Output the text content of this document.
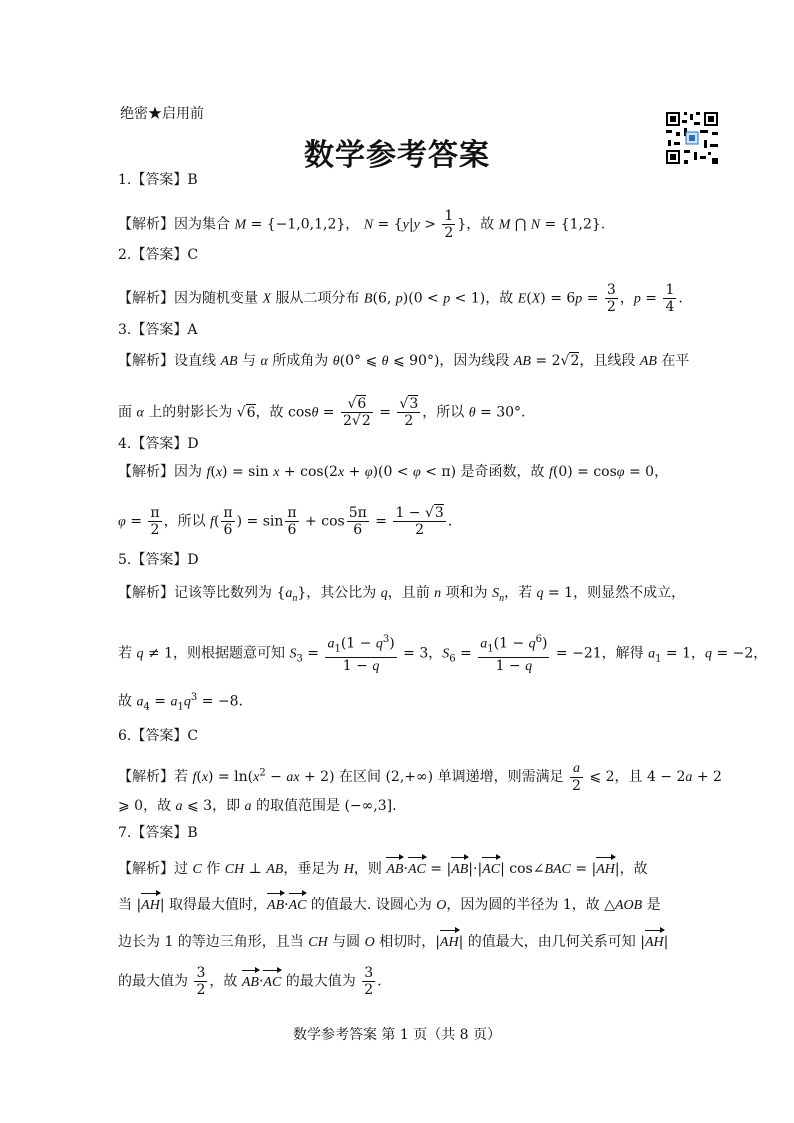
绝密★启用前
数学参考答案
1.【答案】B
【解析】因为集合 M = {−1,0,1,2}， $N = \{y|y > \frac{1}{2}$ }，故 M ⋂ N = {1,2}.
2.【答案】C
【解析】因为随机变量 X 服从二项分布 B(6, p)(0 < p < 1)，故 $E(X) = 6p = \frac{3}{2}$ ，$p = \frac{1}{4}$ .
3.【答案】A
【解析】设直线 AB 与 α 所成角为 θ(0° ⩽ θ ⩽ 90°)，因为线段 AB = 2√2，且线段 AB 在平
面 α 上的射影长为 √6，故 $\cos\theta = \frac{√6}{2√2} = \frac{√3}{2}$ ，所以 θ = 30°.
4.【答案】D
【解析】因为 f(x) = sin x + cos(2x + φ)(0 < φ < π) 是奇函数，故 f(0) = cosφ = 0，
$\varphi = \frac{\pi}{2}$ ，所以 $f( \frac{\pi}{6}$ ) = $\sin \frac{\pi}{6} + \cos \frac{5\pi}{6} = \frac{1 - √3}{2}$ .
5.【答案】D
【解析】记该等比数列为 $\{a_n\}$，其公比为 q，且前 n 项和为 $S_n$，若 q = 1，则显然不成立，
若 q ≠ 1，则根据题意可知 $S_3 = \frac{a_1(1 - q^3)}{1 - q} = 3$，$S_6 = \frac{a_1(1 - q^6)}{1 - q} = -21$，解得 $a_1 = 1$，q = −2，
故 $a_4 = a_1q^3 = -8$.
6.【答案】C
【解析】若 $f(x) = \ln(x^2$ − ax + 2) 在区间 (2,+∞) 单调递增，则需满足 $\frac{a}{2}$ ⩽ 2，且 4 − 2a + 2
⩾ 0，故 a ⩽ 3，即 a 的取值范围是 (−∞,3].
7.【答案】B
【解析】过 C 作 CH ⊥ AB，垂足为 H，则 AB·AC = |AB|·|AC| cos∠BAC = |AH|，故
当 |AH| 取得最大值时，AB·AC 的值最大. 设圆心为 O，因为圆的半径为 1，故 △AOB 是
边长为 1 的等边三角形，且当 CH 与圆 O 相切时，|AH| 的值最大，由几何关系可知 |AH|
的最大值为 $\frac{3}{2}$ ，故 AB·AC 的最大值为 $\frac{3}{2}$ .
数学参考答案 第 1 页（共 8 页）
